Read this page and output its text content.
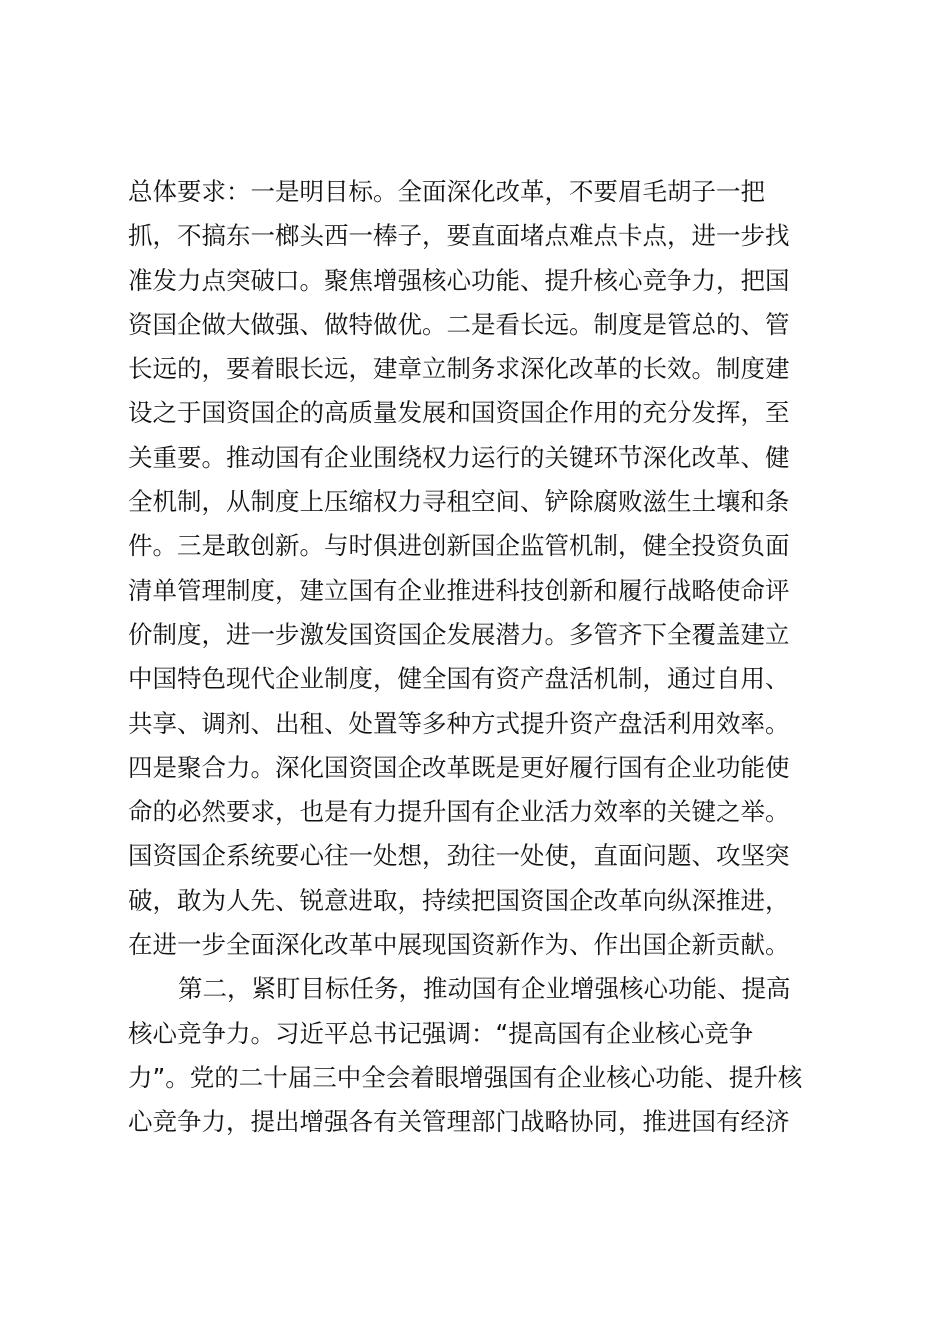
总体要求：一是明目标。全面深化改革，不要眉毛胡子一把
抓，不搞东一榔头西一棒子，要直面堵点难点卡点，进一步找
准发力点突破口。聚焦增强核心功能、提升核心竞争力，把国
资国企做大做强、做特做优。二是看长远。制度是管总的、管
长远的，要着眼长远，建章立制务求深化改革的长效。制度建
设之于国资国企的高质量发展和国资国企作用的充分发挥，至
关重要。推动国有企业围绕权力运行的关键环节深化改革、健
全机制，从制度上压缩权力寻租空间、铲除腐败滋生土壤和条
件。三是敢创新。与时俱进创新国企监管机制，健全投资负面
清单管理制度，建立国有企业推进科技创新和履行战略使命评
价制度，进一步激发国资国企发展潜力。多管齐下全覆盖建立
中国特色现代企业制度，健全国有资产盘活机制，通过自用、
共享、调剂、出租、处置等多种方式提升资产盘活利用效率。
四是聚合力。深化国资国企改革既是更好履行国有企业功能使
命的必然要求，也是有力提升国有企业活力效率的关键之举。
国资国企系统要心往一处想，劲往一处使，直面问题、攻坚突
破，敢为人先、锐意进取，持续把国资国企改革向纵深推进，
在进一步全面深化改革中展现国资新作为、作出国企新贡献。
第二，紧盯目标任务，推动国有企业增强核心功能、提高
核心竞争力。习近平总书记强调：“提高国有企业核心竞争
力”。党的二十届三中全会着眼增强国有企业核心功能、提升核
心竞争力，提出增强各有关管理部门战略协同，推进国有经济
